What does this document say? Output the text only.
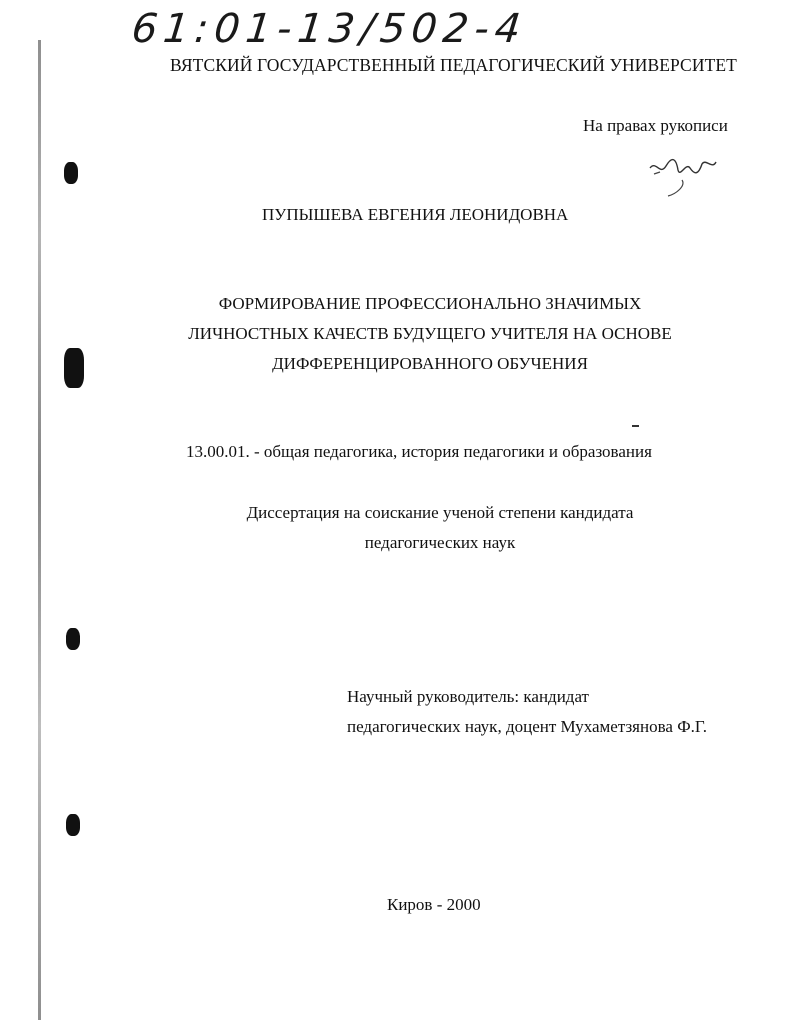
61:01-13/502-4
ВЯТСКИЙ ГОСУДАРСТВЕННЫЙ ПЕДАГОГИЧЕСКИЙ УНИВЕРСИТЕТ
На правах рукописи
ПУПЫШЕВА ЕВГЕНИЯ ЛЕОНИДОВНА
ФОРМИРОВАНИЕ ПРОФЕССИОНАЛЬНО ЗНАЧИМЫХ
ЛИЧНОСТНЫХ КАЧЕСТВ БУДУЩЕГО УЧИТЕЛЯ НА ОСНОВЕ
ДИФФЕРЕНЦИРОВАННОГО ОБУЧЕНИЯ
13.00.01. - общая педагогика, история педагогики и образования
Диссертация на соискание ученой степени кандидата
педагогических наук
Научный руководитель: кандидат
педагогических наук, доцент Мухаметзянова Ф.Г.
Киров - 2000
